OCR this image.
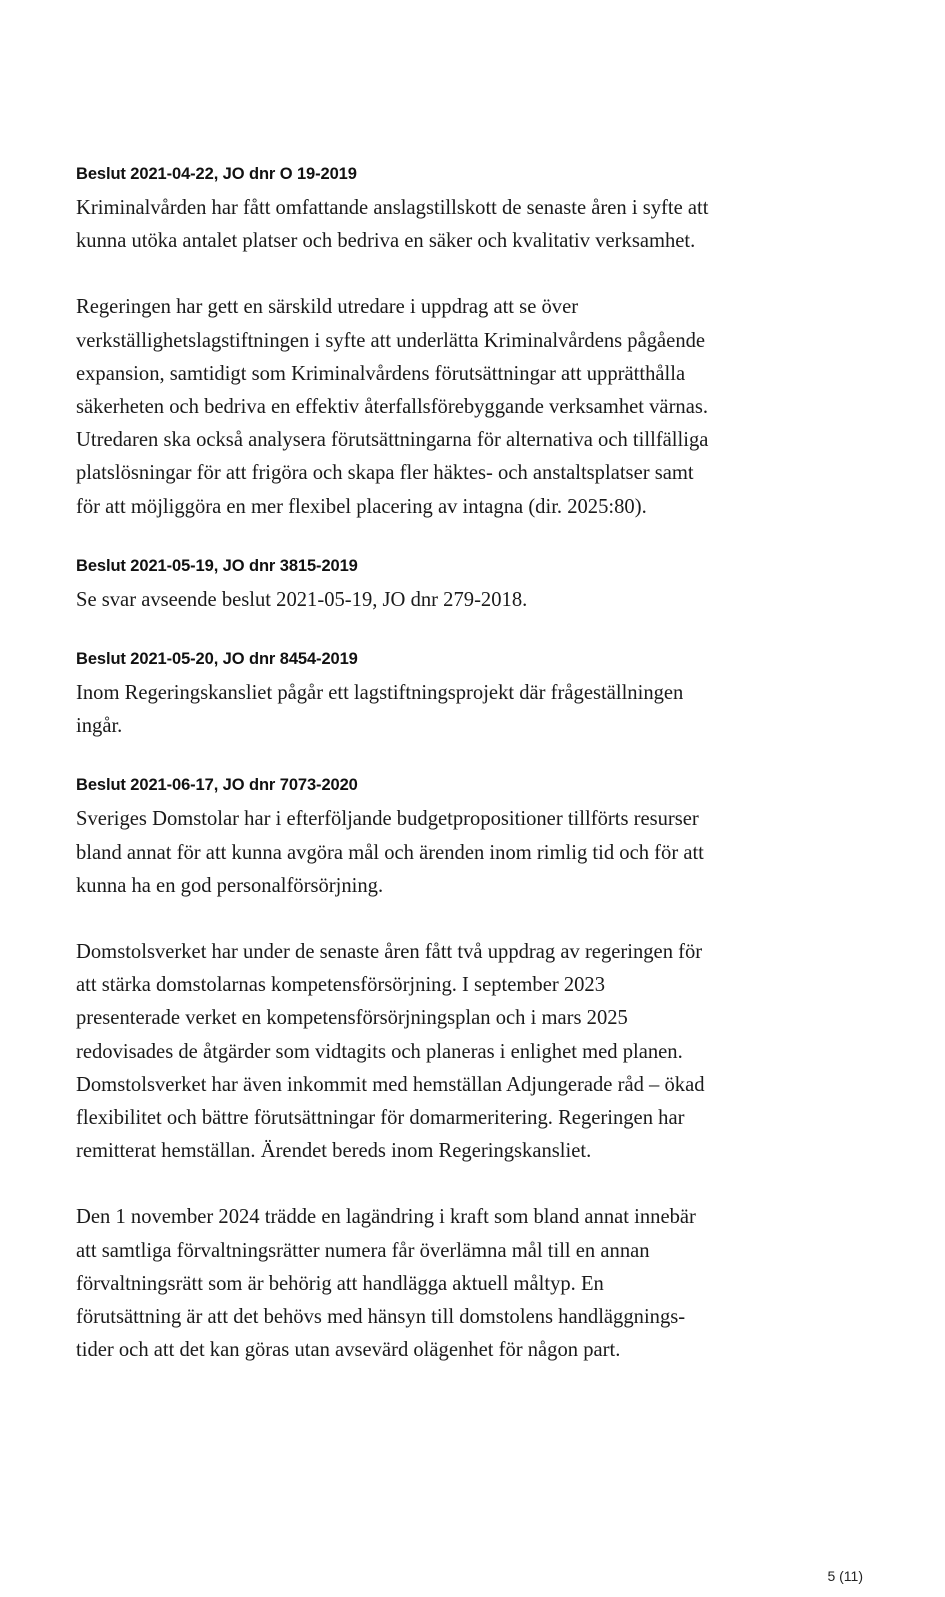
Beslut 2021-04-22, JO dnr O 19-2019

Kriminalvården har fått omfattande anslagstillskott de senaste åren i syfte att
kunna utöka antalet platser och bedriva en säker och kvalitativ verksamhet.

Regeringen har gett en särskild utredare i uppdrag att se över
verkställighetslagstiftningen i syfte att underlätta Kriminalvårdens pågående
expansion, samtidigt som Kriminalvårdens förutsättningar att upprätthålla
säkerheten och bedriva en effektiv återfallsförebyggande verksamhet värnas.
Utredaren ska också analysera förutsättningarna för alternativa och tillfälliga
platslösningar för att frigöra och skapa fler häktes- och anstaltsplatser samt
för att möjliggöra en mer flexibel placering av intagna (dir. 2025:80).

Beslut 2021-05-19, JO dnr 3815-2019

Se svar avseende beslut 2021-05-19, JO dnr 279-2018.

Beslut 2021-05-20, JO dnr 8454-2019

Inom Regeringskansliet pågår ett lagstiftningsprojekt där frågeställningen
ingår.

Beslut 2021-06-17, JO dnr 7073-2020

Sveriges Domstolar har i efterföljande budgetpropositioner tillförts resurser
bland annat för att kunna avgöra mål och ärenden inom rimlig tid och för att
kunna ha en god personalförsörjning.

Domstolsverket har under de senaste åren fått två uppdrag av regeringen för
att stärka domstolarnas kompetensförsörjning. I september 2023
presenterade verket en kompetensförsörjningsplan och i mars 2025
redovisades de åtgärder som vidtagits och planeras i enlighet med planen.
Domstolsverket har även inkommit med hemställan Adjungerade råd – ökad
flexibilitet och bättre förutsättningar för domarmeritering. Regeringen har
remitterat hemställan. Ärendet bereds inom Regeringskansliet.

Den 1 november 2024 trädde en lagändring i kraft som bland annat innebär
att samtliga förvaltningsrätter numera får överlämna mål till en annan
förvaltningsrätt som är behörig att handlägga aktuell måltyp. En
förutsättning är att det behövs med hänsyn till domstolens handläggnings-
tider och att det kan göras utan avsevärd olägenhet för någon part.

5 (11)
